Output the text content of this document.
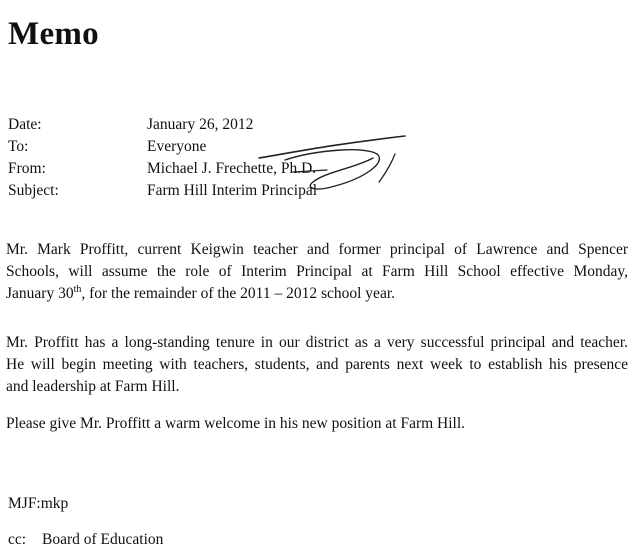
Memo
Date:	January 26, 2012
To:	Everyone
From:	Michael J. Frechette, Ph.D.
Subject:	Farm Hill Interim Principal
Mr. Mark Proffitt, current Keigwin teacher and former principal of Lawrence and Spencer
Schools, will assume the role of Interim Principal at Farm Hill School effective Monday,
January 30th, for the remainder of the 2011 – 2012 school year.
Mr. Proffitt has a long-standing tenure in our district as a very successful principal and teacher.
He will begin meeting with teachers, students, and parents next week to establish his presence
and leadership at Farm Hill.
Please give Mr. Proffitt a warm welcome in his new position at Farm Hill.
MJF:mkp
cc: Board of Education
